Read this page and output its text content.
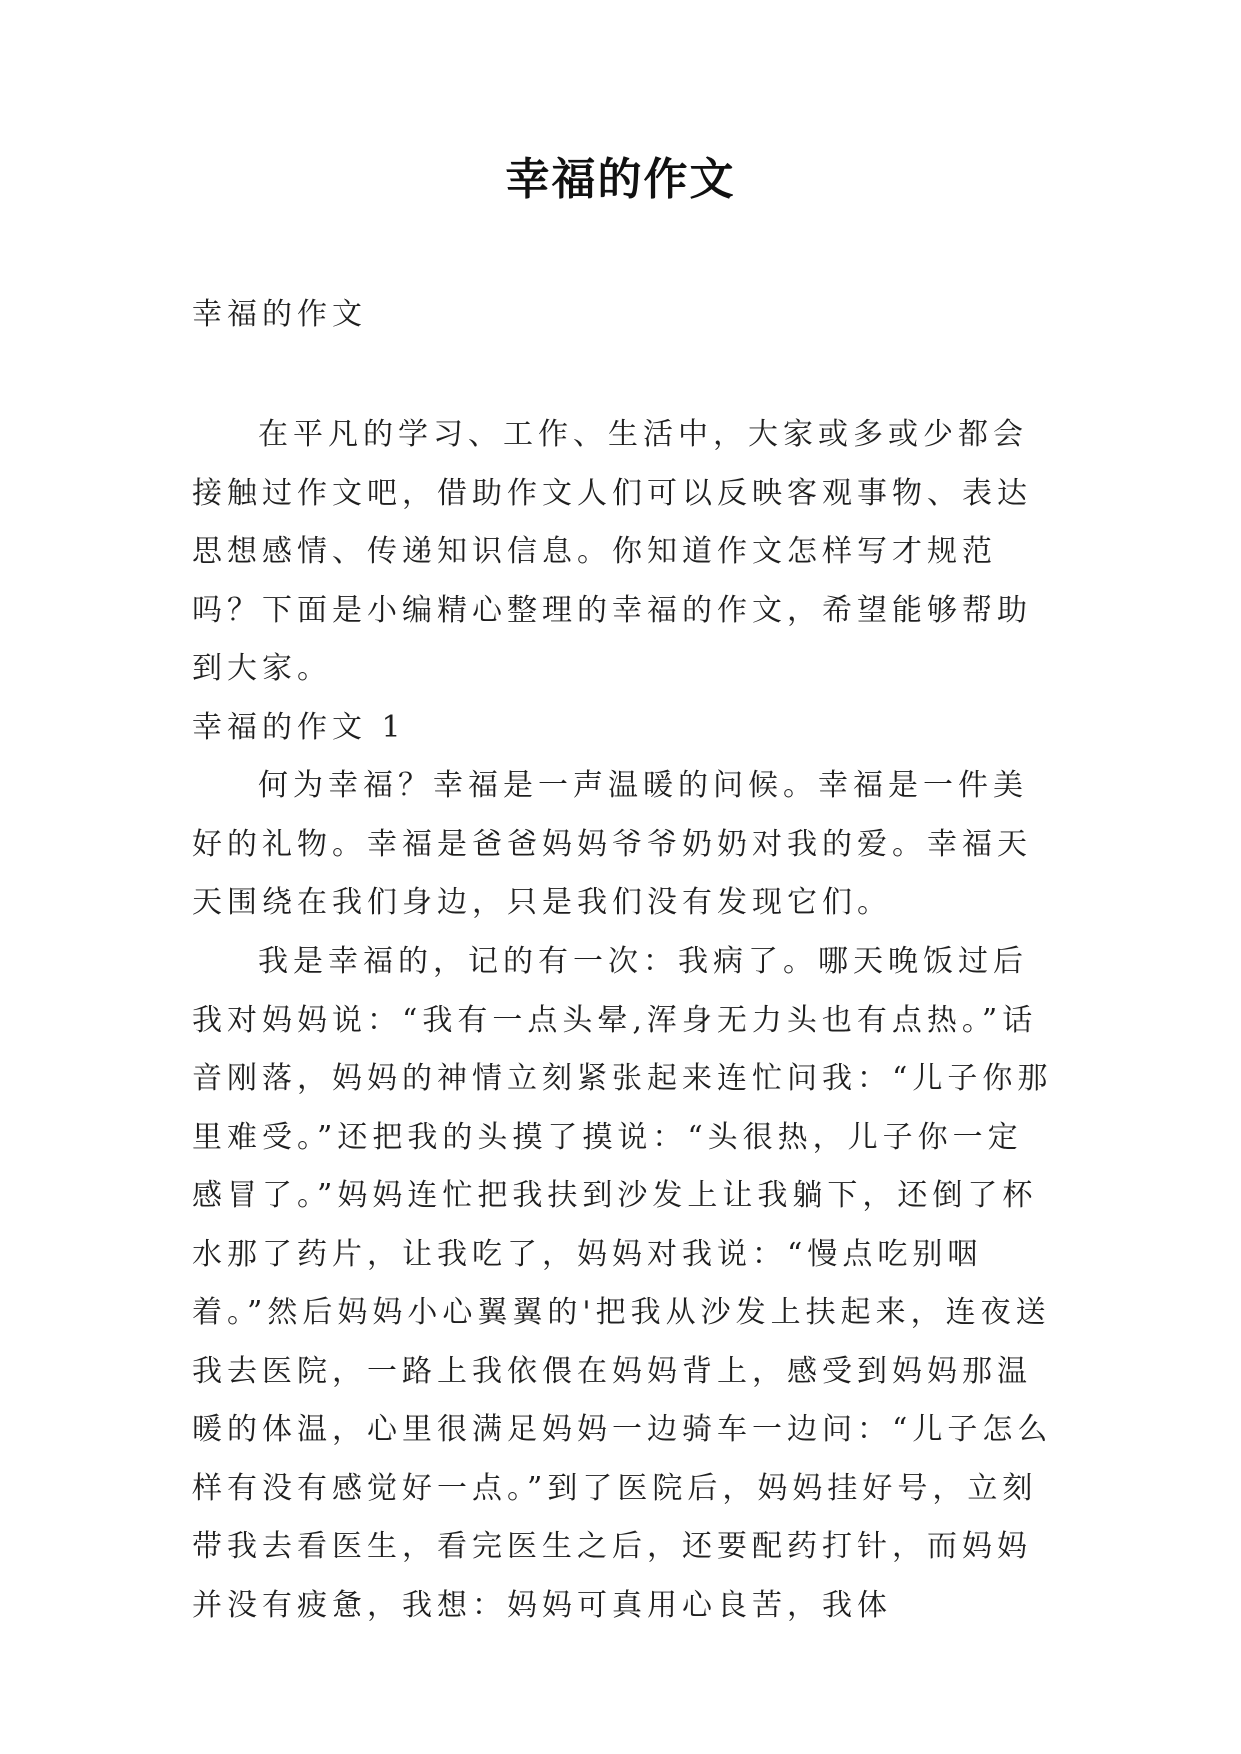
幸福的作文

幸福的作文

在平凡的学习、工作、生活中，大家或多或少都会接触过作文吧，借助作文人们可以反映客观事物、表达思想感情、传递知识信息。你知道作文怎样写才规范吗？下面是小编精心整理的幸福的作文，希望能够帮助到大家。

幸福的作文 1

何为幸福？幸福是一声温暖的问候。幸福是一件美好的礼物。幸福是爸爸妈妈爷爷奶奶对我的爱。幸福天天围绕在我们身边，只是我们没有发现它们。

我是幸福的，记的有一次：我病了。哪天晚饭过后我对妈妈说：“我有一点头晕,浑身无力头也有点热。”话音刚落，妈妈的神情立刻紧张起来连忙问我：“儿子你那里难受。”还把我的头摸了摸说：“头很热，儿子你一定感冒了。”妈妈连忙把我扶到沙发上让我躺下，还倒了杯水那了药片，让我吃了，妈妈对我说：“慢点吃别咽着。”然后妈妈小心翼翼的'把我从沙发上扶起来，连夜送我去医院，一路上我依偎在妈妈背上，感受到妈妈那温暖的体温，心里很满足妈妈一边骑车一边问：“儿子怎么样有没有感觉好一点。”到了医院后，妈妈挂好号，立刻带我去看医生，看完医生之后，还要配药打针，而妈妈并没有疲惫，我想：妈妈可真用心良苦，我体
